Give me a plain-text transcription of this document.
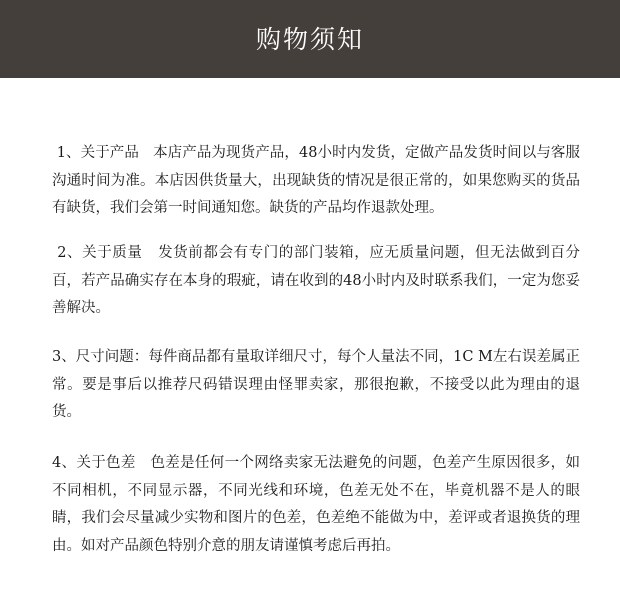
购物须知

1、关于产品 本店产品为现货产品，48小时内发货，定做产品发货时间以与客服沟通时间为准。本店因供货量大，出现缺货的情况是很正常的，如果您购买的货品有缺货，我们会第一时间通知您。缺货的产品均作退款处理。

2、关于质量 发货前都会有专门的部门装箱，应无质量问题，但无法做到百分百，若产品确实存在本身的瑕疵，请在收到的48小时内及时联系我们，一定为您妥善解决。

3、尺寸问题：每件商品都有量取详细尺寸，每个人量法不同，1C M左右误差属正常。要是事后以推荐尺码错误理由怪罪卖家，那很抱歉，不接受以此为理由的退货。

4、关于色差 色差是任何一个网络卖家无法避免的问题，色差产生原因很多，如不同相机，不同显示器，不同光线和环境，色差无处不在，毕竟机器不是人的眼睛，我们会尽量减少实物和图片的色差，色差绝不能做为中，差评或者退换货的理由。如对产品颜色特别介意的朋友请谨慎考虑后再拍。
